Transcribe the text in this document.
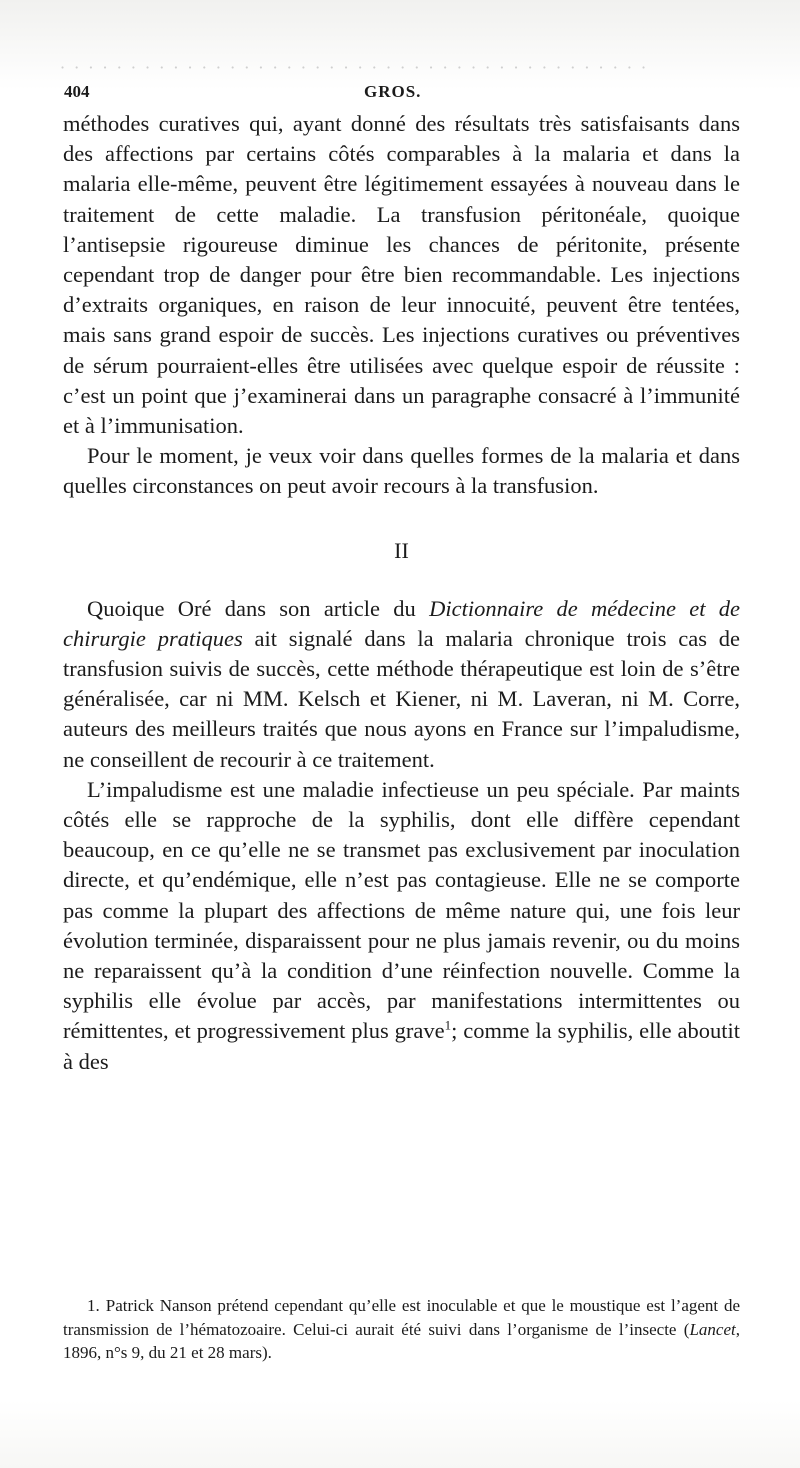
· · · · · · · · · · · · · · · · · · · · · · · · · · · · · · · · · · · · · · · · · ·
404	GROS.

méthodes curatives qui, ayant donné des résultats très satisfaisants dans des affections par certains côtés comparables à la malaria et dans la malaria elle-même, peuvent être légitimement essayées à nouveau dans le traitement de cette maladie. La transfusion péritonéale, quoique l’antisepsie rigoureuse diminue les chances de péritonite, présente cependant trop de danger pour être bien recommandable. Les injections d’extraits organiques, en raison de leur innocuité, peuvent être tentées, mais sans grand espoir de succès. Les injections curatives ou préventives de sérum pourraient-elles être utilisées avec quelque espoir de réussite : c’est un point que j’examinerai dans un paragraphe consacré à l’immunité et à l’immunisation.

Pour le moment, je veux voir dans quelles formes de la malaria et dans quelles circonstances on peut avoir recours à la transfusion.

II

Quoique Oré dans son article du Dictionnaire de médecine et de chirurgie pratiques ait signalé dans la malaria chronique trois cas de transfusion suivis de succès, cette méthode thérapeutique est loin de s’être généralisée, car ni MM. Kelsch et Kiener, ni M. Laveran, ni M. Corre, auteurs des meilleurs traités que nous ayons en France sur l’impaludisme, ne conseillent de recourir à ce traitement.

L’impaludisme est une maladie infectieuse un peu spéciale. Par maints côtés elle se rapproche de la syphilis, dont elle diffère cependant beaucoup, en ce qu’elle ne se transmet pas exclusivement par inoculation directe, et qu’endémique, elle n’est pas contagieuse. Elle ne se comporte pas comme la plupart des affections de même nature qui, une fois leur évolution terminée, disparaissent pour ne plus jamais revenir, ou du moins ne reparaissent qu’à la condition d’une réinfection nouvelle. Comme la syphilis elle évolue par accès, par manifestations intermittentes ou rémittentes, et progressivement plus grave$^1$; comme la syphilis, elle aboutit à des

1. Patrick Nanson prétend cependant qu’elle est inoculable et que le moustique est l’agent de transmission de l’hématozoaire. Celui-ci aurait été suivi dans l’organisme de l’insecte (Lancet, 1896, n°s 9, du 21 et 28 mars).
